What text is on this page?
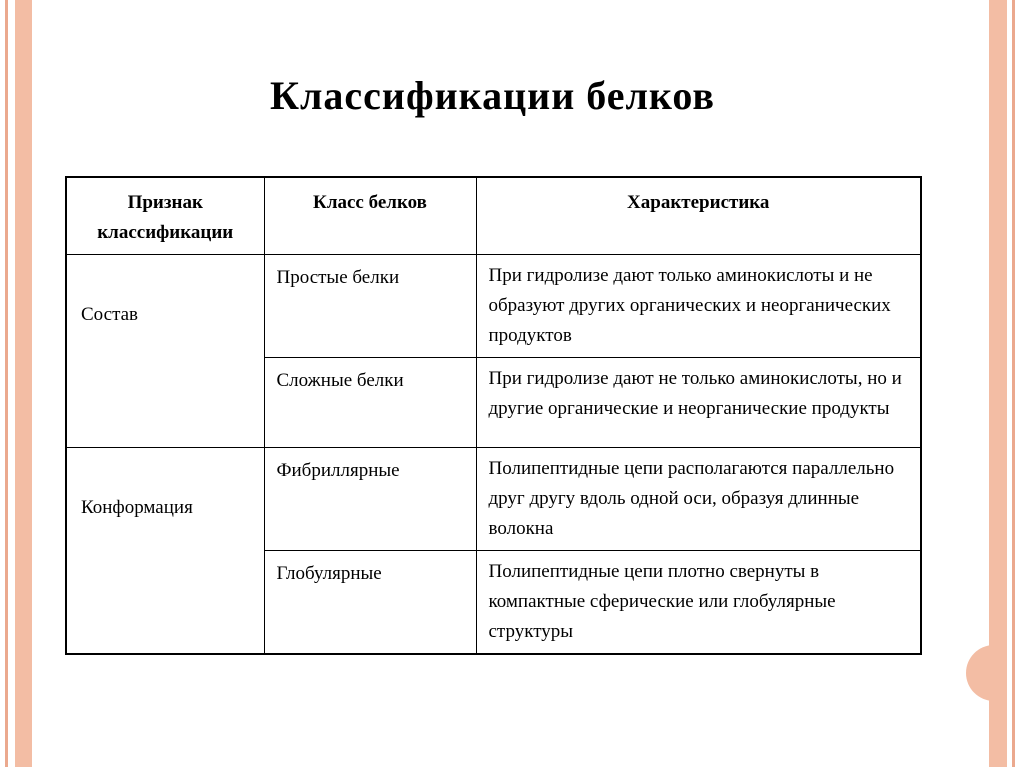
Классификации белков
Признак классификации	Класс белков	Характеристика
Состав	Простые белки	При гидролизе дают только аминокислоты и не образуют других органических и неорганических продуктов
	Сложные белки	При гидролизе дают не только аминокислоты, но и другие органические и неорганические продукты
Конформация	Фибриллярные	Полипептидные цепи располагаются параллельно друг другу вдоль одной оси, образуя длинные волокна
	Глобулярные	Полипептидные цепи плотно свернуты в компактные сферические или глобулярные структуры
